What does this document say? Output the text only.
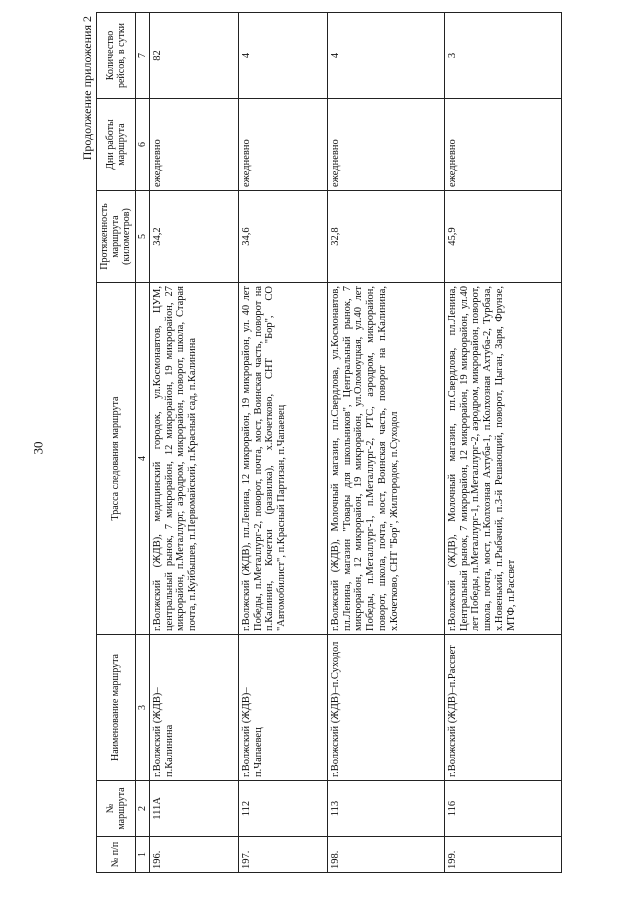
30
Продолжение приложения 2
№ п/п	№ маршрута	Наименование маршрута	Трасса следования маршрута	Протяженность маршрута (километров)	Дни работы маршрута	Количество рейсов, в сутки
1	2	3	4	5	6	7
196.	111А	г.Волжский (ЖДВ)–п.Калинина	г.Волжский (ЖДВ), медицинский городок, ул.Космонавтов, ЦУМ, центральный рынок, 7 микрорайон, 12 микрорайон, 19 микрорайон, 27 микрорайон, п.Металлург, аэродром, микрорайон, поворот, школа, Старая почта, п.Куйбышев, п.Первомайский, п.Красный сад, п.Калинина	34,2	ежедневно	82
197.	112	г.Волжский (ЖДВ)–п.Чапаевец	г.Волжский (ЖДВ), пл.Ленина, 12 микрорайон, 19 микрорайон, ул. 40 лет Победы, п.Металлург-2, поворот, почта, мост, Воинская часть, поворот на п.Калинин, Кочетки (развилка), х.Кочетково, СНТ "Бор", СО "Автомобилист", п.Красный Партизан, п.Чапаевец	34,6	ежедневно	4
198.	113	г.Волжский (ЖДВ)–п.Суходол	г.Волжский (ЖДВ), Молочный магазин, пл.Свердлова, ул.Космонавтов, пл.Ленина, магазин "Товары для школьников", Центральный рынок, 7 микрорайон, 12 микрорайон, 19 микрорайон, ул.Оломоуцкая, ул.40 лет Победы, п.Металлург-1, п.Металлург-2, РТС, аэродром, микрорайон, поворот, школа, почта, мост, Воинская часть, поворот на п.Калинина, х.Кочетково, СНТ "Бор", Жилгородок, п.Суходол	32,8	ежедневно	4
199.	116	г.Волжский (ЖДВ)–п.Рассвет	г.Волжский (ЖДВ), Молочный магазин, пл.Свердлова, пл.Ленина, Центральный рынок, 7 микрорайон, 12 микрорайон, 19 микрорайон, ул.40 лет Победы, п.Металлург-1, п.Металлург-2, аэродром, микрорайон, поворот, школа, почта, мост, п.Колхозная Ахтуба-1, п.Колхозная Ахтуба-2, Турбаза, х.Новенький, п.Рыбачий, п.3-й Решающий, поворот, Цыган, Заря, Фрунзе, МТФ, п.Рассвет	45,9	ежедневно	3
